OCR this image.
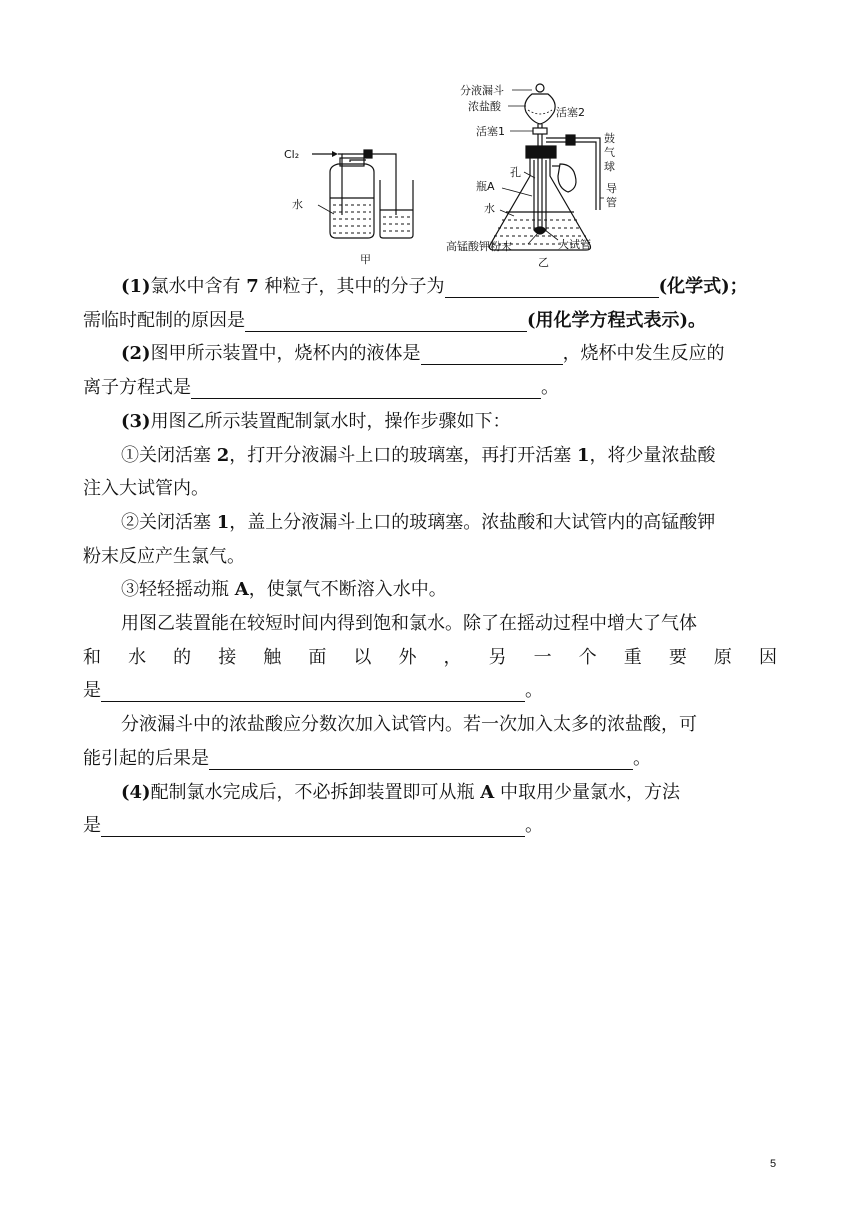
Cl₂
水
甲
分液漏斗
浓盐酸	活塞2
活塞1
鼓
气
球
导
管
孔
瓶A
水
高锰酸钾粉末	大试管
乙

(1)氯水中含有 7 种粒子，其中的分子为	(化学式)；

需临时配制的原因是	(用化学方程式表示)。

(2)图甲所示装置中，烧杯内的液体是	，烧杯中发生反应的

离子方程式是	。

(3)用图乙所示装置配制氯水时，操作步骤如下：

①关闭活塞 2，打开分液漏斗上口的玻璃塞，再打开活塞 1，将少量浓盐酸

注入大试管内。

②关闭活塞 1，盖上分液漏斗上口的玻璃塞。浓盐酸和大试管内的高锰酸钾

粉末反应产生氯气。

③轻轻摇动瓶 A，使氯气不断溶入水中。

用图乙装置能在较短时间内得到饱和氯水。除了在摇动过程中增大了气体

和 水 的 接 触 面 以 外 ， 另 一 个 重 要 原 因

是	。

分液漏斗中的浓盐酸应分数次加入试管内。若一次加入太多的浓盐酸，可

能引起的后果是	。

(4)配制氯水完成后，不必拆卸装置即可从瓶 A 中取用少量氯水，方法

是	。

5
